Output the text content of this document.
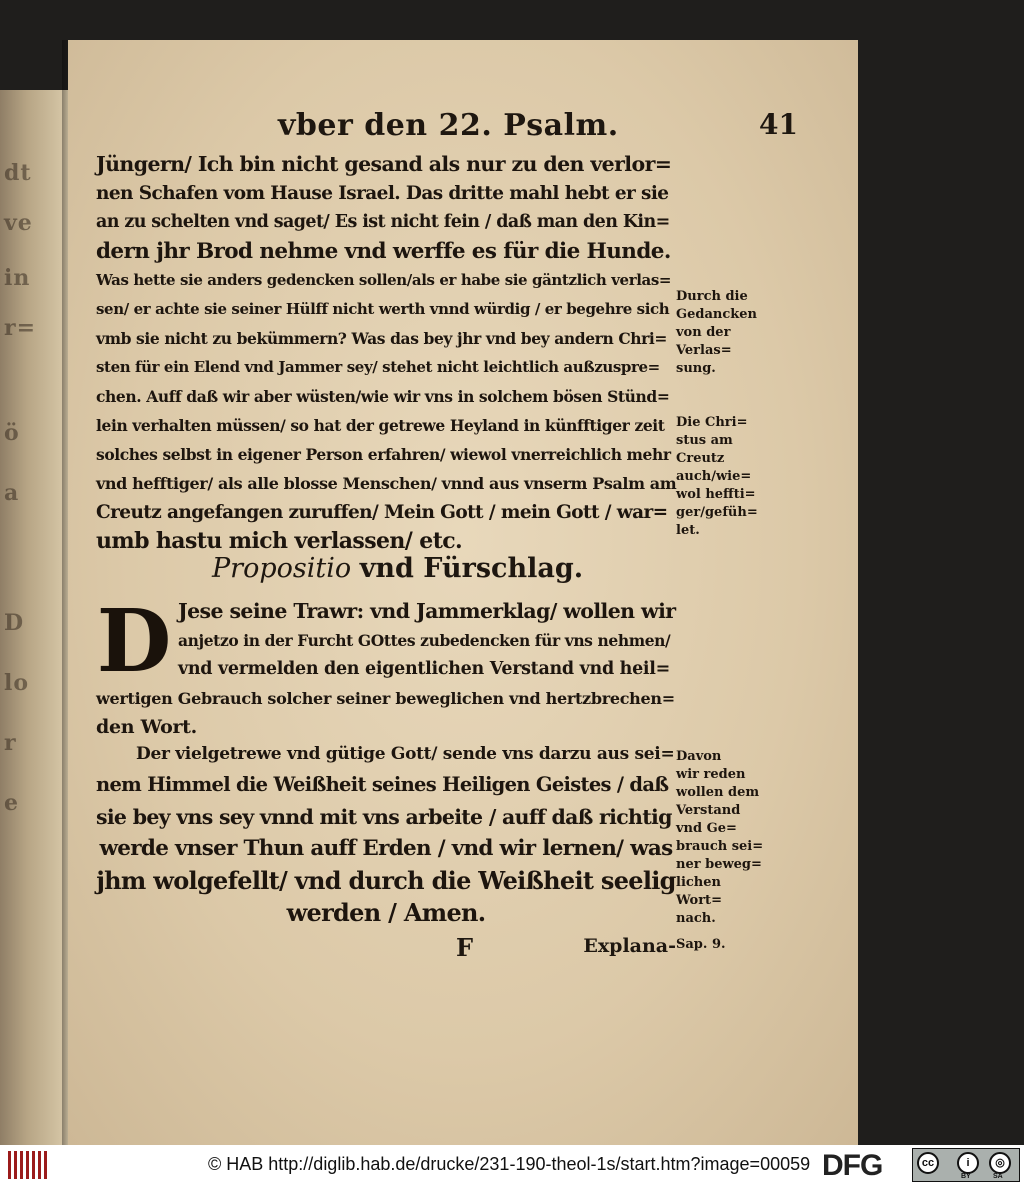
dt
ve
in
r=
ö
a
D
lo
r
e
vber den 22. Psalm.	41
Jüngern/ Ich bin nicht gesand als nur zu den verlor=
nen Schafen vom Hause Israel. Das dritte mahl hebt er sie
an zu schelten vnd saget/ Es ist nicht fein / daß man den Kin=
dern jhr Brod nehme vnd werffe es für die Hunde.
Was hette sie anders gedencken sollen/als er habe sie gäntzlich verlas=
sen/ er achte sie seiner Hülff nicht werth vnnd würdig / er begehre sich
vmb sie nicht zu bekümmern? Was das bey jhr vnd bey andern Chri=
sten für ein Elend vnd Jammer sey/ stehet nicht leichtlich außzuspre=
chen. Auff daß wir aber wüsten/wie wir vns in solchem bösen Stünd=
lein verhalten müssen/ so hat der getrewe Heyland in künfftiger zeit
solches selbst in eigener Person erfahren/ wiewol vnerreichlich mehr
vnd hefftiger/ als alle blosse Menschen/ vnnd aus vnserm Psalm am
Creutz angefangen zuruffen/ Mein Gott / mein Gott / war=
umb hastu mich verlassen/ etc.
Propositio vnd Fürschlag.
D Jese seine Trawr: vnd Jammerklag/ wollen wir
anjetzo in der Furcht GOttes zubedencken für vns nehmen/
vnd vermelden den eigentlichen Verstand vnd heil=
wertigen Gebrauch solcher seiner beweglichen vnd hertzbrechen=
den Wort.
Der vielgetrewe vnd gütige Gott/ sende vns darzu aus sei=
nem Himmel die Weißheit seines Heiligen Geistes / daß
sie bey vns sey vnnd mit vns arbeite / auff daß richtig
werde vnser Thun auff Erden / vnd wir lernen/ was
jhm wolgefellt/ vnd durch die Weißheit seelig
werden / Amen.
F	Explana-
Durch die
Gedancken
von der
Verlas=
sung.
Die Chri=
stus am
Creutz
auch/wie=
wol heffti=
ger/gefüh=
let.
Davon
wir reden
wollen dem
Verstand
vnd Ge=
brauch sei=
ner beweg=
lichen
Wort=
nach.
Sap. 9.
© HAB http://diglib.hab.de/drucke/231-190-theol-1s/start.htm?image=00059 DFG	cc	i	◎
BY	SA
